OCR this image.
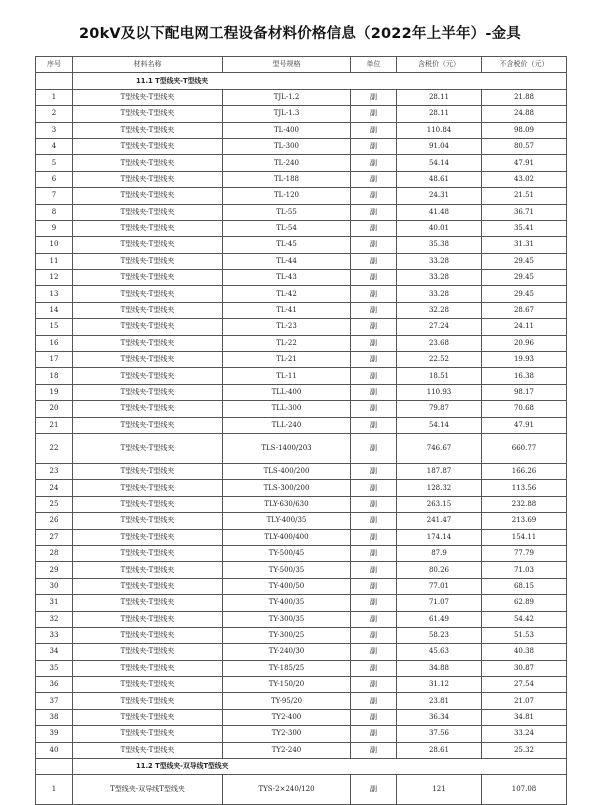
20kV及以下配电网工程设备材料价格信息（2022年上半年）-金具
序号	材料名称	型号规格	单位	含税价（元）	不含税价（元）
	11.1 T型线夹-T型线夹				
1	T型线夹-T型线夹	TJL-1.2	副	28.11	21.88
2	T型线夹-T型线夹	TJL-1.3	副	28.11	24.88
3	T型线夹-T型线夹	TL-400	副	110.84	98.09
4	T型线夹-T型线夹	TL-300	副	91.04	80.57
5	T型线夹-T型线夹	TL-240	副	54.14	47.91
6	T型线夹-T型线夹	TL-188	副	48.61	43.02
7	T型线夹-T型线夹	TL-120	副	24.31	21.51
8	T型线夹-T型线夹	TL-55	副	41.48	36.71
9	T型线夹-T型线夹	TL-54	副	40.01	35.41
10	T型线夹-T型线夹	TL-45	副	35.38	31.31
11	T型线夹-T型线夹	TL-44	副	33.28	29.45
12	T型线夹-T型线夹	TL-43	副	33.28	29.45
13	T型线夹-T型线夹	TL-42	副	33.28	29.45
14	T型线夹-T型线夹	TL-41	副	32.28	28.67
15	T型线夹-T型线夹	TL-23	副	27.24	24.11
16	T型线夹-T型线夹	TL-22	副	23.68	20.96
17	T型线夹-T型线夹	TL-21	副	22.52	19.93
18	T型线夹-T型线夹	TL-11	副	18.51	16.38
19	T型线夹-T型线夹	TLL-400	副	110.93	98.17
20	T型线夹-T型线夹	TLL-300	副	79.87	70.68
21	T型线夹-T型线夹	TLL-240	副	54.14	47.91
22	T型线夹-T型线夹	TLS-1400/203	副	746.67	660.77
23	T型线夹-T型线夹	TLS-400/200	副	187.87	166.26
24	T型线夹-T型线夹	TLS-300/200	副	128.32	113.56
25	T型线夹-T型线夹	TLY-630/630	副	263.15	232.88
26	T型线夹-T型线夹	TLY-400/35	副	241.47	213.69
27	T型线夹-T型线夹	TLY-400/400	副	174.14	154.11
28	T型线夹-T型线夹	TY-500/45	副	87.9	77.79
29	T型线夹-T型线夹	TY-500/35	副	80.26	71.03
30	T型线夹-T型线夹	TY-400/50	副	77.01	68.15
31	T型线夹-T型线夹	TY-400/35	副	71.07	62.89
32	T型线夹-T型线夹	TY-300/35	副	61.49	54.42
33	T型线夹-T型线夹	TY-300/25	副	58.23	51.53
34	T型线夹-T型线夹	TY-240/30	副	45.63	40.38
35	T型线夹-T型线夹	TY-185/25	副	34.88	30.87
36	T型线夹-T型线夹	TY-150/20	副	31.12	27.54
37	T型线夹-T型线夹	TY-95/20	副	23.81	21.07
38	T型线夹-T型线夹	TY2-400	副	36.34	34.81
39	T型线夹-T型线夹	TY2-300	副	37.56	33.24
40	T型线夹-T型线夹	TY2-240	副	28.61	25.32
	11.2 T型线夹-双导线T型线夹				
1	T型线夹-双导线T型线夹	TYS-2×240/120	副	121	107.08
